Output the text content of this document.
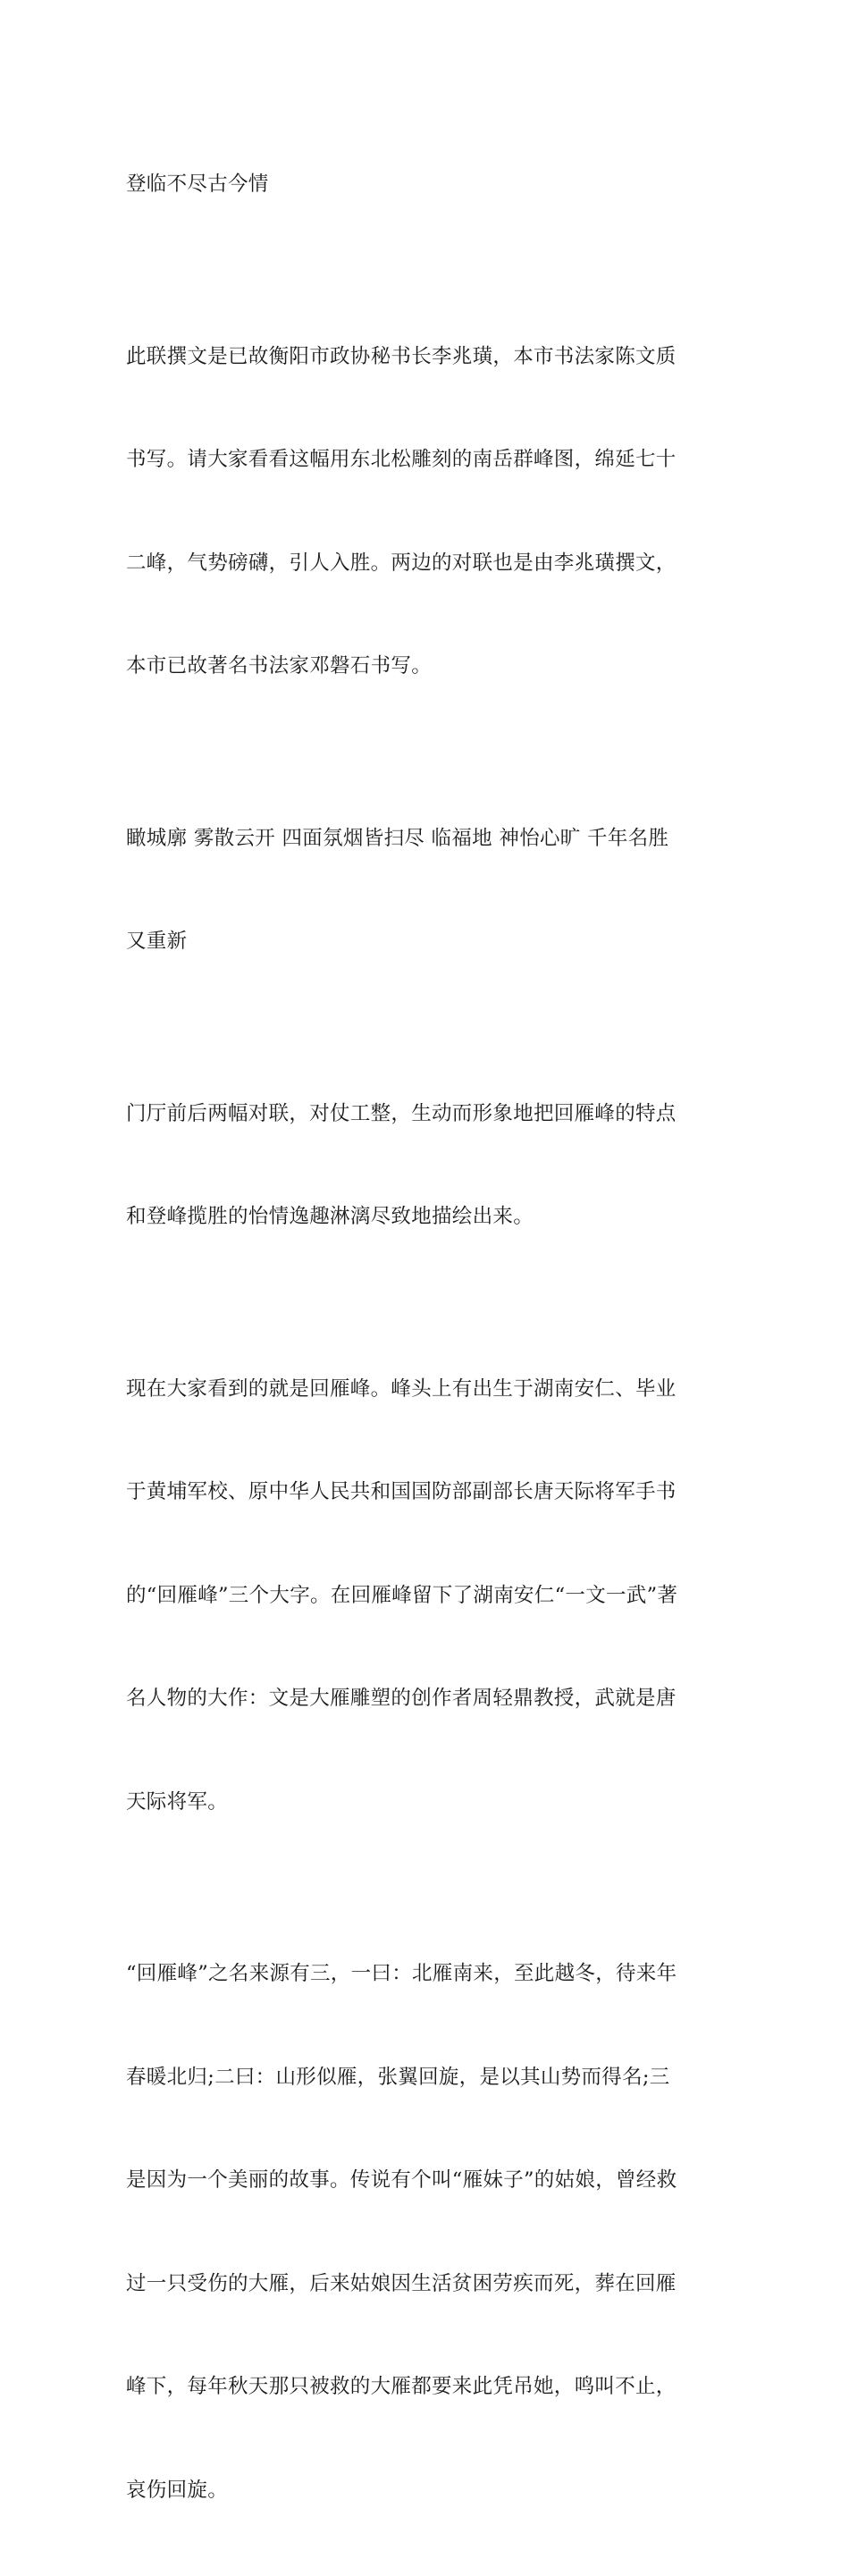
登临不尽古今情

此联撰文是已故衡阳市政协秘书长李兆璜，本市书法家陈文质

书写。请大家看看这幅用东北松雕刻的南岳群峰图，绵延七十

二峰，气势磅礴，引人入胜。两边的对联也是由李兆璜撰文，

本市已故著名书法家邓磐石书写。

瞰城廓 雾散云开 四面氛烟皆扫尽 临福地 神怡心旷 千年名胜

又重新

门厅前后两幅对联，对仗工整，生动而形象地把回雁峰的特点

和登峰揽胜的怡情逸趣淋漓尽致地描绘出来。

现在大家看到的就是回雁峰。峰头上有出生于湖南安仁、毕业

于黄埔军校、原中华人民共和国国防部副部长唐天际将军手书

的“回雁峰”三个大字。在回雁峰留下了湖南安仁“一文一武”著

名人物的大作：文是大雁雕塑的创作者周轻鼎教授，武就是唐

天际将军。

“回雁峰”之名来源有三，一曰：北雁南来，至此越冬，待来年

春暖北归;二曰：山形似雁，张翼回旋，是以其山势而得名;三

是因为一个美丽的故事。传说有个叫“雁妹子”的姑娘，曾经救

过一只受伤的大雁，后来姑娘因生活贫困劳疾而死，葬在回雁

峰下，每年秋天那只被救的大雁都要来此凭吊她，鸣叫不止，

哀伤回旋。
